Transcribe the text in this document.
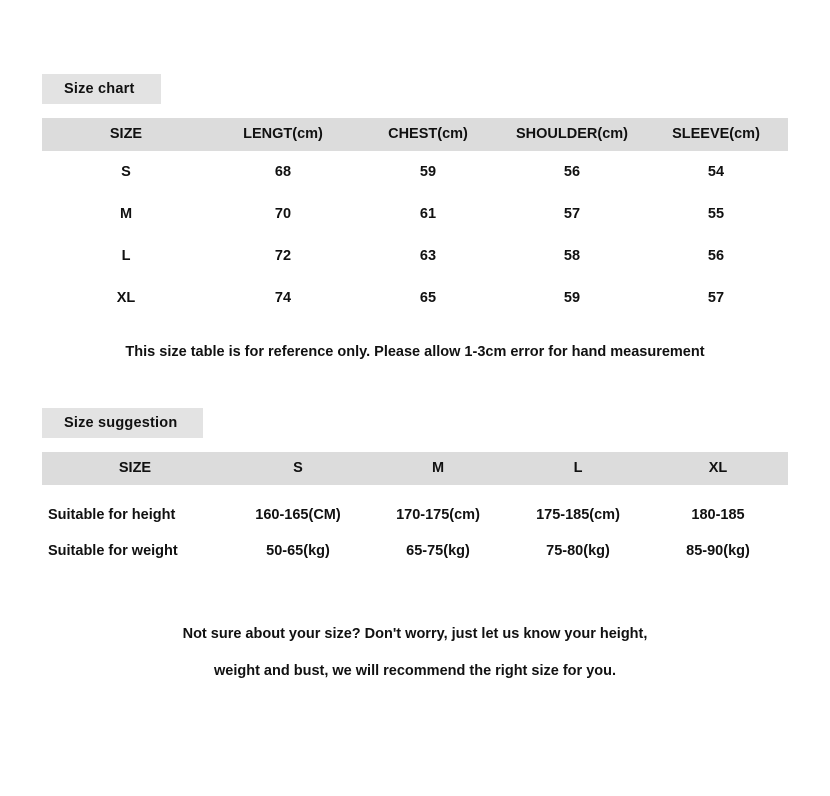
Size chart
SIZE	LENGT(cm)	CHEST(cm)	SHOULDER(cm)	SLEEVE(cm)
S	68	59	56	54
M	70	61	57	55
L	72	63	58	56
XL	74	65	59	57
This size table is for reference only. Please allow 1-3cm error for hand measurement
Size suggestion
SIZE	S	M	L	XL
Suitable for height	160-165(CM)	170-175(cm)	175-185(cm)	180-185
Suitable for weight	50-65(kg)	65-75(kg)	75-80(kg)	85-90(kg)
Not sure about your size? Don't worry, just let us know your height,
weight and bust, we will recommend the right size for you.
